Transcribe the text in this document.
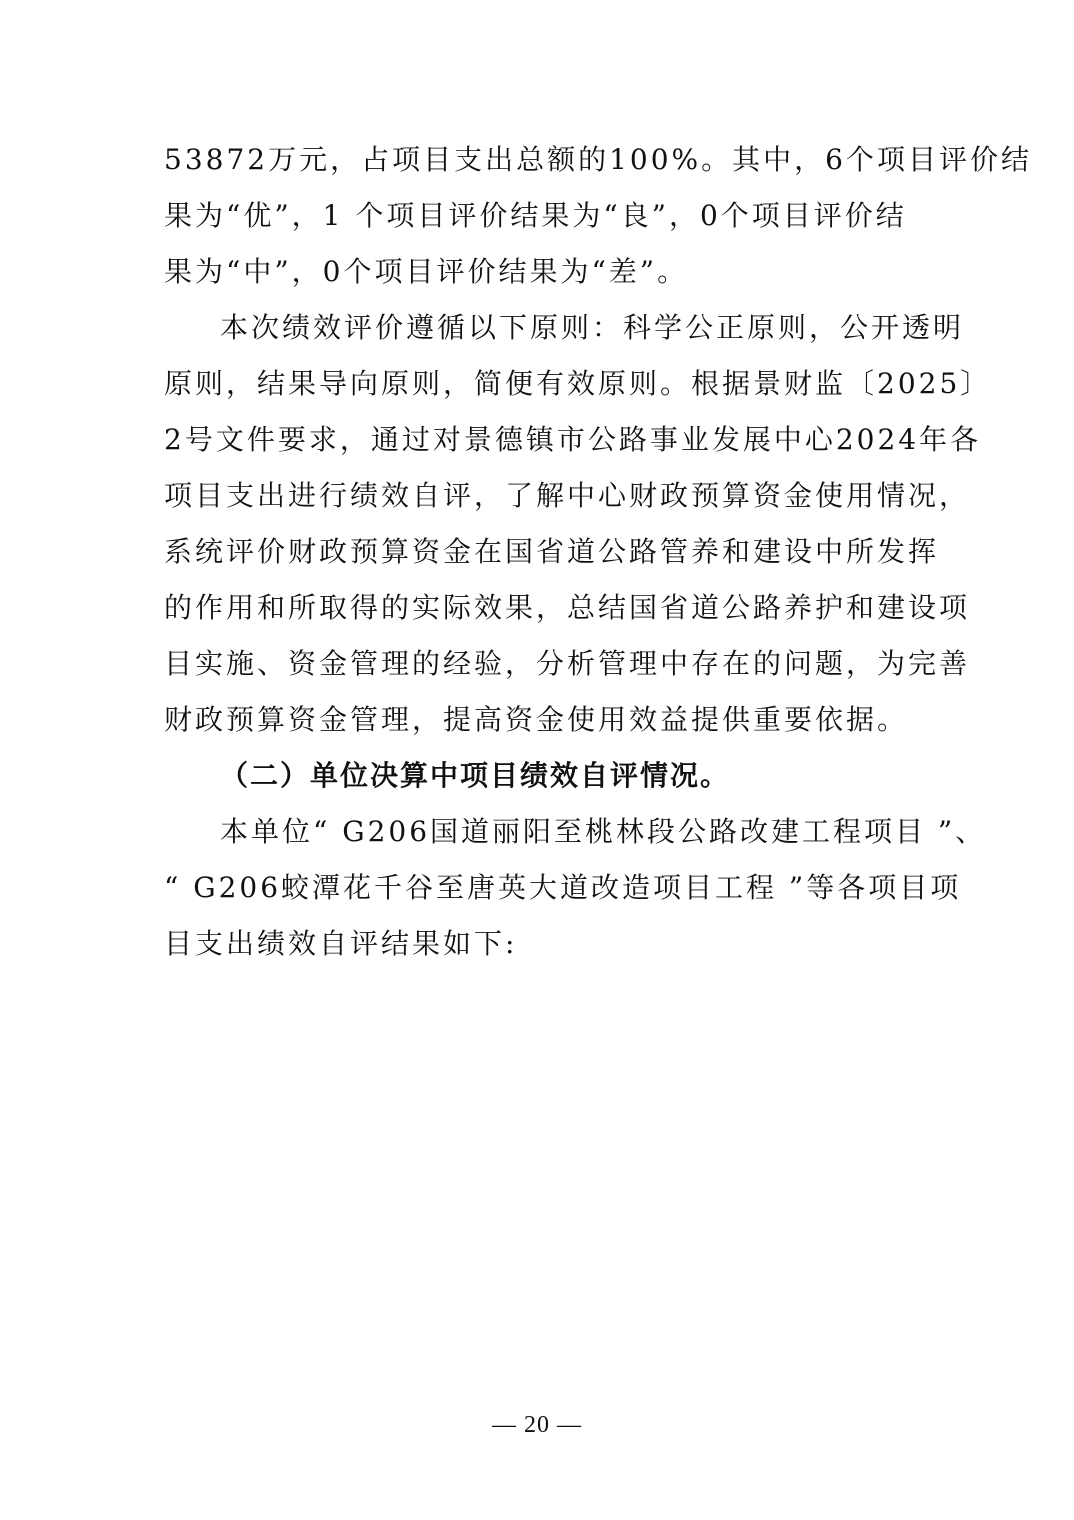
53872万元，占项目支出总额的100%。其中，6个项目评价结
果为“优”，1 个项目评价结果为“良”，0个项目评价结
果为“中”，0个项目评价结果为“差”。
本次绩效评价遵循以下原则：科学公正原则，公开透明
原则，结果导向原则，简便有效原则。根据景财监〔2025〕
2号文件要求，通过对景德镇市公路事业发展中心2024年各
项目支出进行绩效自评，了解中心财政预算资金使用情况，
系统评价财政预算资金在国省道公路管养和建设中所发挥
的作用和所取得的实际效果，总结国省道公路养护和建设项
目实施、资金管理的经验，分析管理中存在的问题，为完善
财政预算资金管理，提高资金使用效益提供重要依据。
（二）单位决算中项目绩效自评情况。
本单位“ G206国道丽阳至桃林段公路改建工程项目 ”、
“ G206蛟潭花千谷至唐英大道改造项目工程 ”等各项目项
目支出绩效自评结果如下:
— 20 —
